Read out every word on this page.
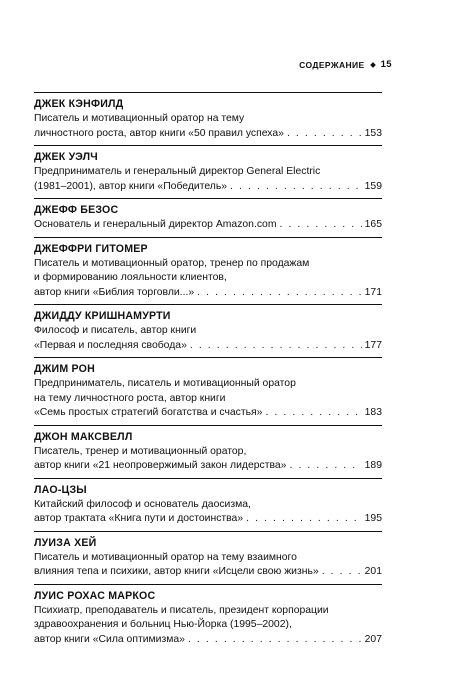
СОДЕРЖАНИЕ 15
ДЖЕК КЭНФИЛД
Писатель и мотивационный оратор на тему
личностного роста, автор книги «50 правил успеха» . . .	153
ДЖЕК УЭЛЧ
Предприниматель и генеральный директор General Electric
(1981–2001), автор книги «Победитель» . . .	159
ДЖЕФФ БЕЗОС
Основатель и генеральный директор Amazon.com . . .	165
ДЖЕФФРИ ГИТОМЕР
Писатель и мотивационный оратор, тренер по продажам
и формированию лояльности клиентов,
автор книги «Библия торговли...» . . .	171
ДЖИДДУ КРИШНАМУРТИ
Философ и писатель, автор книги
«Первая и последняя свобода» . . .	177
ДЖИМ РОН
Предприниматель, писатель и мотивационный оратор
на тему личностного роста, автор книги
«Семь простых стратегий богатства и счастья» . . .	183
ДЖОН МАКСВЕЛЛ
Писатель, тренер и мотивационный оратор,
автор книги «21 неопровержимый закон лидерства» . . .	189
ЛАО-ЦЗЫ
Китайский философ и основатель даосизма,
автор трактата «Книга пути и достоинства» . . .	195
ЛУИЗА ХЕЙ
Писатель и мотивационный оратор на тему взаимного
влияния тепа и психики, автор книги «Исцели свою жизнь» . . .	201
ЛУИС РОХАС МАРКОС
Психиатр, преподаватель и писатель, президент корпорации
здравоохранения и больниц Нью-Йорка (1995–2002),
автор книги «Сила оптимизма» . . .	207
